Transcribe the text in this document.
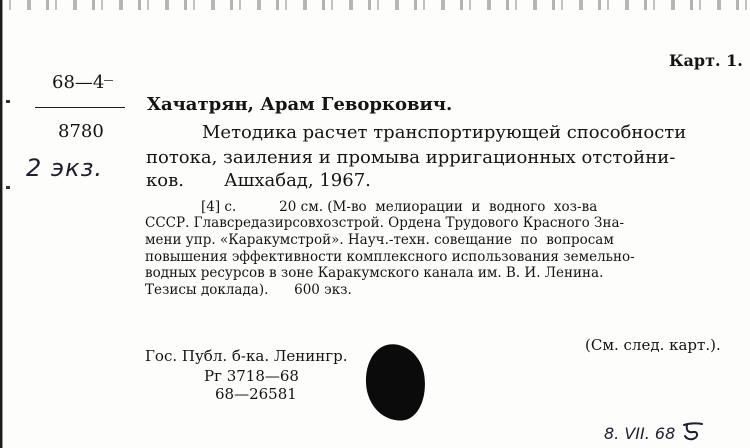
Карт. 1.
68—4
8780
2 экз.
Хачатрян, Арам Геворкович.
Методика расчет транспортирующей способности
потока, заиления и промыва ирригационных отстойни-
ков.       Ашхабад, 1967.
[4] с.          20 см. (М-во  мелиорации  и  водного  хоз-ва
СССР. Главсредазирсовхозстрой. Ордена Трудового Красного Зна-
мени упр. «Каракумстрой». Науч.-техн. совещание  по  вопросам
повышения эффективности комплексного использования земельно-
водных ресурсов в зоне Каракумского канала им. В. И. Ленина.
Тезисы доклада).      600 экз.
(См. след. карт.).
Гос. Публ. б-ка. Ленингр.
Рг 3718—68
68—26581
8. VII. 68
